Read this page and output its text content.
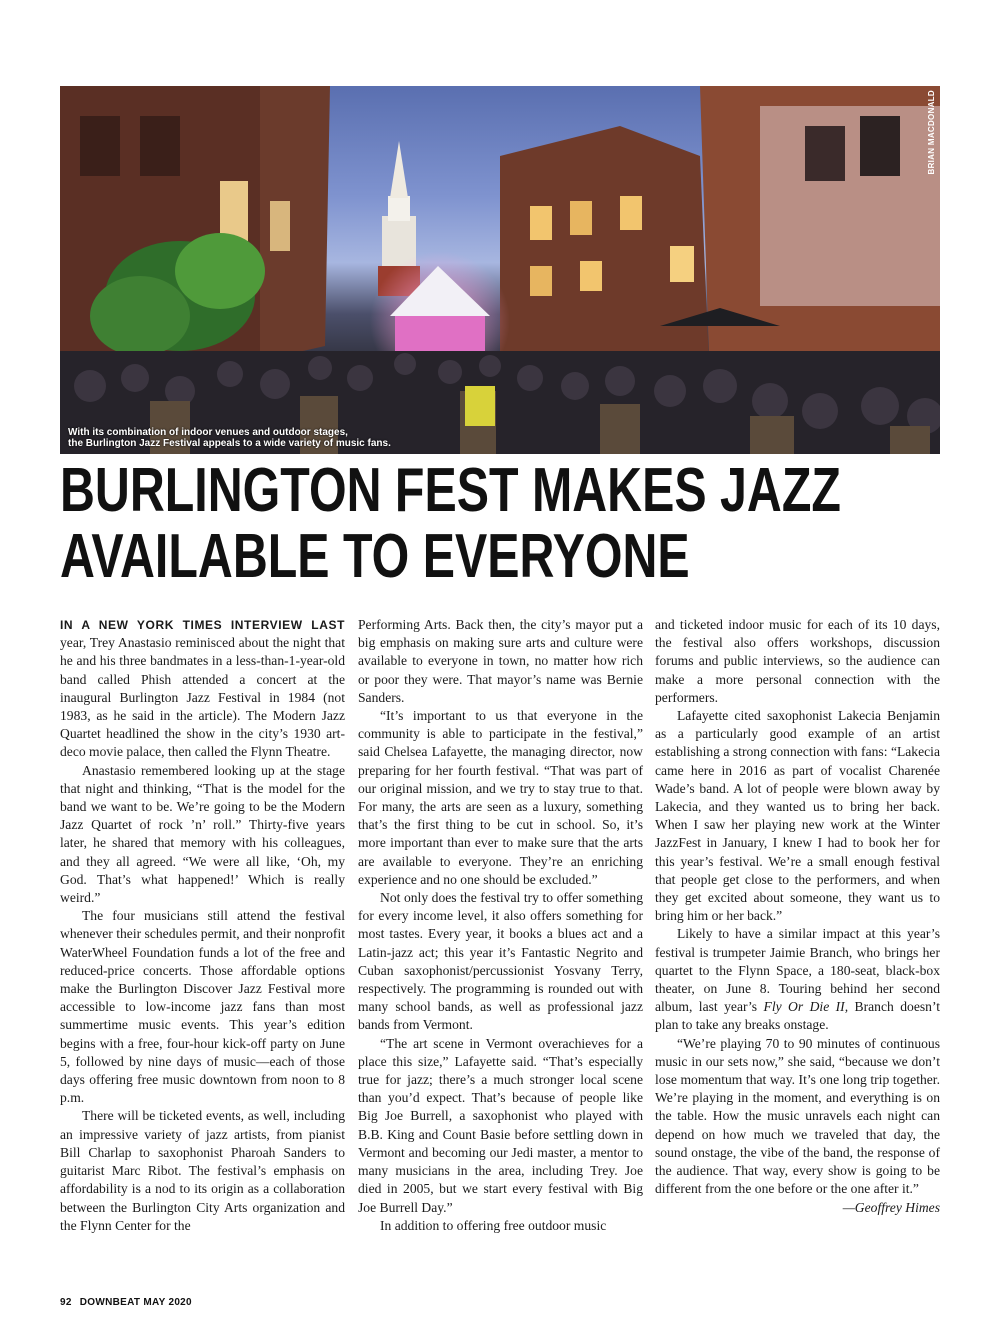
BRIAN MACDONALD
With its combination of indoor venues and outdoor stages,
the Burlington Jazz Festival appeals to a wide variety of music fans.
BURLINGTON FEST MAKES JAZZ
AVAILABLE TO EVERYONE

IN A NEW YORK TIMES INTERVIEW LAST year, Trey Anastasio reminisced about the night that he and his three bandmates in a less-than-1-year-old band called Phish attended a concert at the inaugural Burlington Jazz Festival in 1984 (not 1983, as he said in the article). The Modern Jazz Quartet headlined the show in the city’s 1930 art-deco movie palace, then called the Flynn Theatre.

Anastasio remembered looking up at the stage that night and thinking, “That is the model for the band we want to be. We’re going to be the Modern Jazz Quartet of rock ’n’ roll.” Thirty-five years later, he shared that memory with his colleagues, and they all agreed. “We were all like, ‘Oh, my God. That’s what happened!’ Which is really weird.”

The four musicians still attend the festival whenever their schedules permit, and their nonprofit WaterWheel Foundation funds a lot of the free and reduced-price concerts. Those affordable options make the Burlington Discover Jazz Festival more accessible to low-income jazz fans than most summertime music events. This year’s edition begins with a free, four-hour kick-off party on June 5, followed by nine days of music—each of those days offering free music downtown from noon to 8 p.m.

There will be ticketed events, as well, including an impressive variety of jazz artists, from pianist Bill Charlap to saxophonist Pharoah Sanders to guitarist Marc Ribot. The festival’s emphasis on affordability is a nod to its origin as a collaboration between the Burlington City Arts organization and the Flynn Center for the

Performing Arts. Back then, the city’s mayor put a big emphasis on making sure arts and culture were available to everyone in town, no matter how rich or poor they were. That mayor’s name was Bernie Sanders.

“It’s important to us that everyone in the community is able to participate in the festival,” said Chelsea Lafayette, the managing director, now preparing for her fourth festival. “That was part of our original mission, and we try to stay true to that. For many, the arts are seen as a luxury, something that’s the first thing to be cut in school. So, it’s more important than ever to make sure that the arts are available to everyone. They’re an enriching experience and no one should be excluded.”

Not only does the festival try to offer something for every income level, it also offers something for most tastes. Every year, it books a blues act and a Latin-jazz act; this year it’s Fantastic Negrito and Cuban saxophonist/percussionist Yosvany Terry, respectively. The programming is rounded out with many school bands, as well as professional jazz bands from Vermont.

“The art scene in Vermont overachieves for a place this size,” Lafayette said. “That’s especially true for jazz; there’s a much stronger local scene than you’d expect. That’s because of people like Big Joe Burrell, a saxophonist who played with B.B. King and Count Basie before settling down in Vermont and becoming our Jedi master, a mentor to many musicians in the area, including Trey. Joe died in 2005, but we start every festival with Big Joe Burrell Day.”

In addition to offering free outdoor music

and ticketed indoor music for each of its 10 days, the festival also offers workshops, discussion forums and public interviews, so the audience can make a more personal connection with the performers.

Lafayette cited saxophonist Lakecia Benjamin as a particularly good example of an artist establishing a strong connection with fans: “Lakecia came here in 2016 as part of vocalist Charenée Wade’s band. A lot of people were blown away by Lakecia, and they wanted us to bring her back. When I saw her playing new work at the Winter JazzFest in January, I knew I had to book her for this year’s festival. We’re a small enough festival that people get close to the performers, and when they get excited about someone, they want us to bring him or her back.”

Likely to have a similar impact at this year’s festival is trumpeter Jaimie Branch, who brings her quartet to the Flynn Space, a 180-seat, black-box theater, on June 8. Touring behind her second album, last year’s Fly Or Die II, Branch doesn’t plan to take any breaks onstage.

“We’re playing 70 to 90 minutes of continuous music in our sets now,” she said, “because we don’t lose momentum that way. It’s one long trip together. We’re playing in the moment, and everything is on the table. How the music unravels each night can depend on how much we traveled that day, the sound onstage, the vibe of the band, the response of the audience. That way, every show is going to be different from the one before or the one after it.”

—Geoffrey Himes

92 DOWNBEAT MAY 2020
